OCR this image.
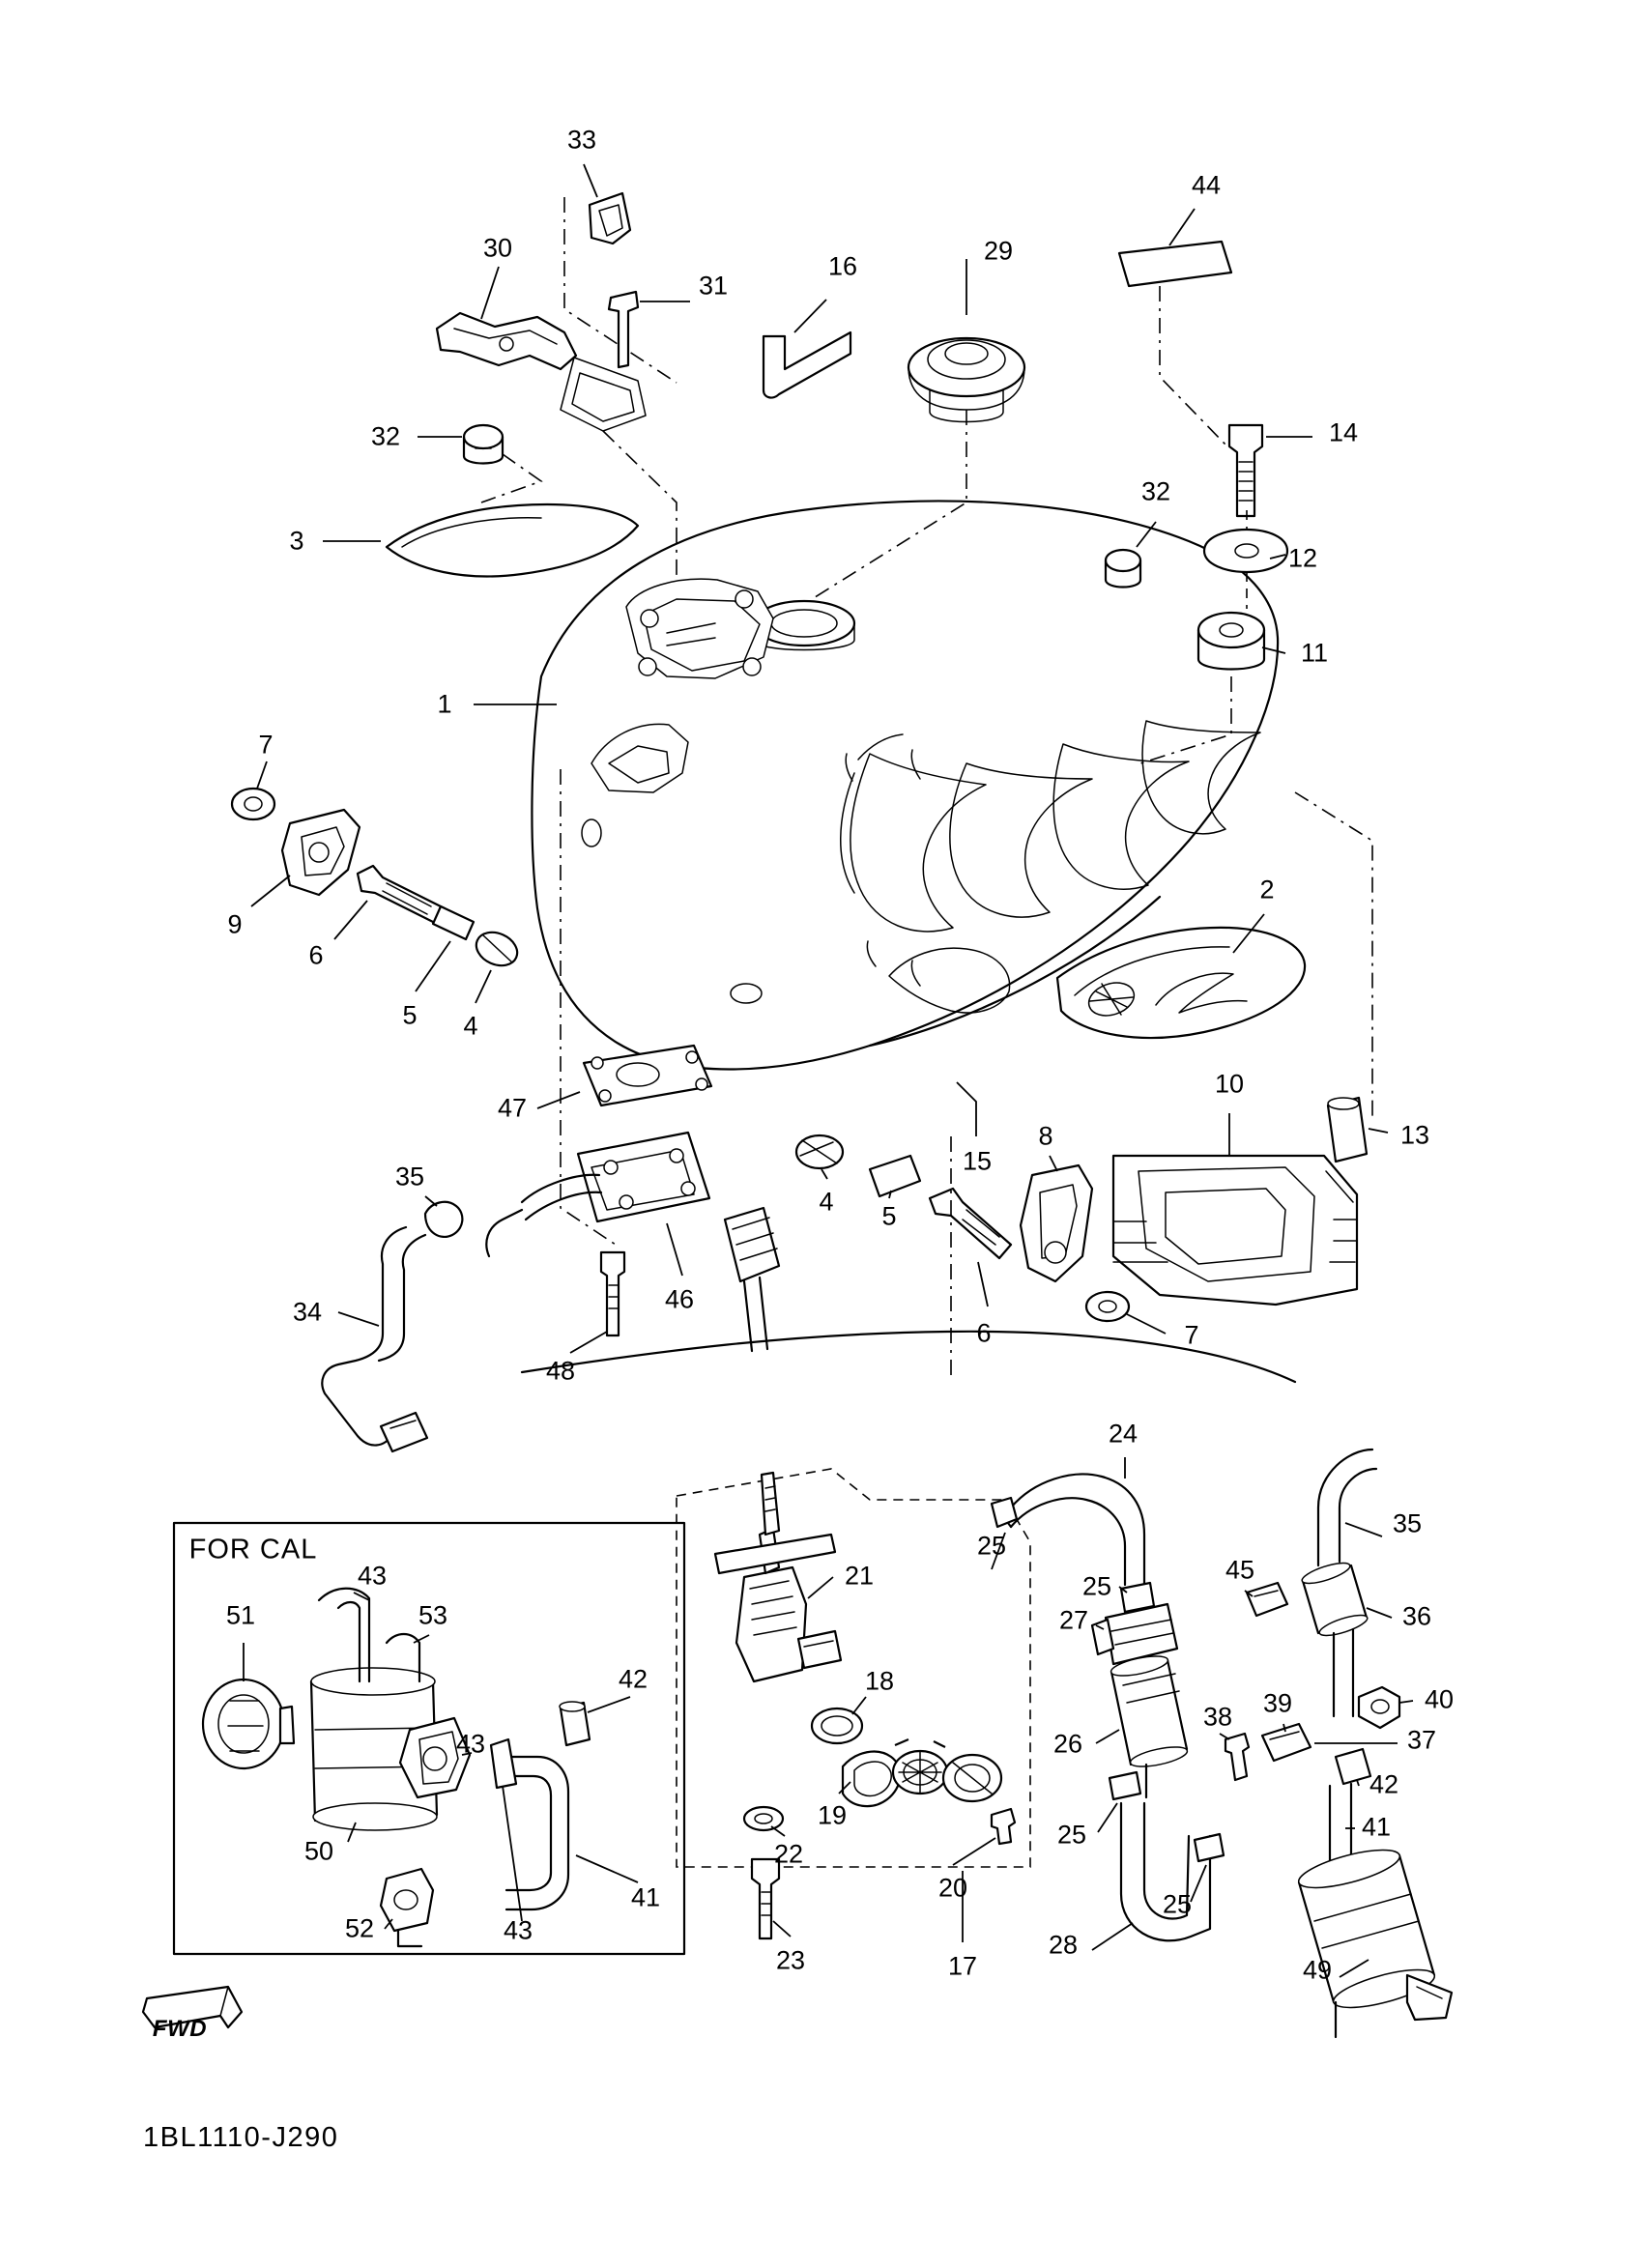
33
44
30
31
16
29
32
32
14
12
3
11
1
7
9
6
5 4
2
10
13
47
15
8
35
4 5
6	7
34	46
48
24
25
25
35
45
21
27	36
51
43
53
18
42
43
39
38
40
26	37
42
19	41
25
50	22
20
41	25
52	43	28
17
23	49
FOR CAL
FWD
1BL1110-J290
